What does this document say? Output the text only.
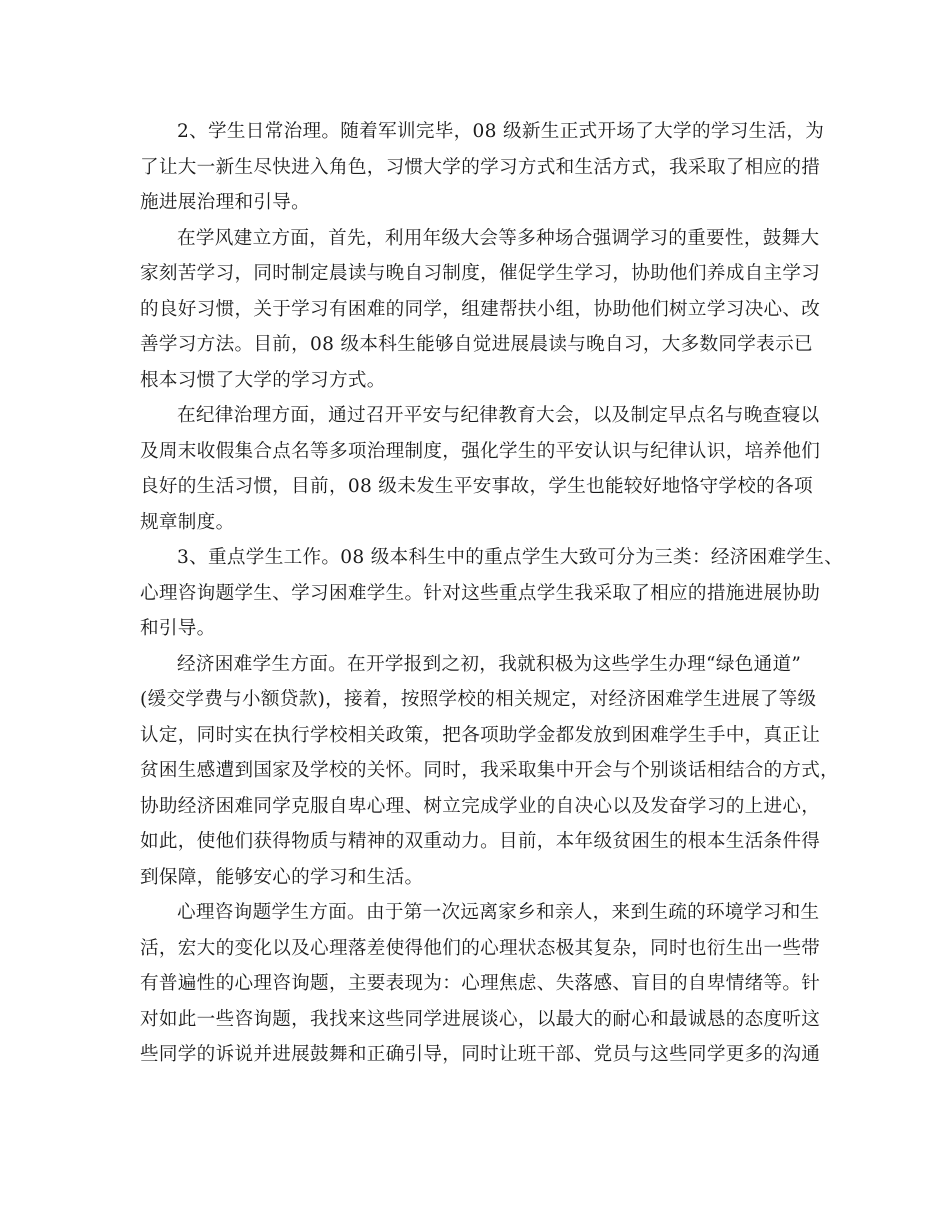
2、学生日常治理。随着军训完毕，08 级新生正式开场了大学的学习生活，为
了让大一新生尽快进入角色，习惯大学的学习方式和生活方式，我采取了相应的措
施进展治理和引导。
在学风建立方面，首先，利用年级大会等多种场合强调学习的重要性，鼓舞大
家刻苦学习，同时制定晨读与晚自习制度，催促学生学习，协助他们养成自主学习
的良好习惯，关于学习有困难的同学，组建帮扶小组，协助他们树立学习决心、改
善学习方法。目前，08 级本科生能够自觉进展晨读与晚自习，大多数同学表示已
根本习惯了大学的学习方式。
在纪律治理方面，通过召开平安与纪律教育大会，以及制定早点名与晚查寝以
及周末收假集合点名等多项治理制度，强化学生的平安认识与纪律认识，培养他们
良好的生活习惯，目前，08 级未发生平安事故，学生也能较好地恪守学校的各项
规章制度。
3、重点学生工作。08 级本科生中的重点学生大致可分为三类：经济困难学生、
心理咨询题学生、学习困难学生。针对这些重点学生我采取了相应的措施进展协助
和引导。
经济困难学生方面。在开学报到之初，我就积极为这些学生办理“绿色通道”
(缓交学费与小额贷款)，接着，按照学校的相关规定，对经济困难学生进展了等级
认定，同时实在执行学校相关政策，把各项助学金都发放到困难学生手中，真正让
贫困生感遭到国家及学校的关怀。同时，我采取集中开会与个别谈话相结合的方式，
协助经济困难同学克服自卑心理、树立完成学业的自决心以及发奋学习的上进心，
如此，使他们获得物质与精神的双重动力。目前，本年级贫困生的根本生活条件得
到保障，能够安心的学习和生活。
心理咨询题学生方面。由于第一次远离家乡和亲人，来到生疏的环境学习和生
活，宏大的变化以及心理落差使得他们的心理状态极其复杂，同时也衍生出一些带
有普遍性的心理咨询题，主要表现为：心理焦虑、失落感、盲目的自卑情绪等。针
对如此一些咨询题，我找来这些同学进展谈心，以最大的耐心和最诚恳的态度听这
些同学的诉说并进展鼓舞和正确引导，同时让班干部、党员与这些同学更多的沟通
